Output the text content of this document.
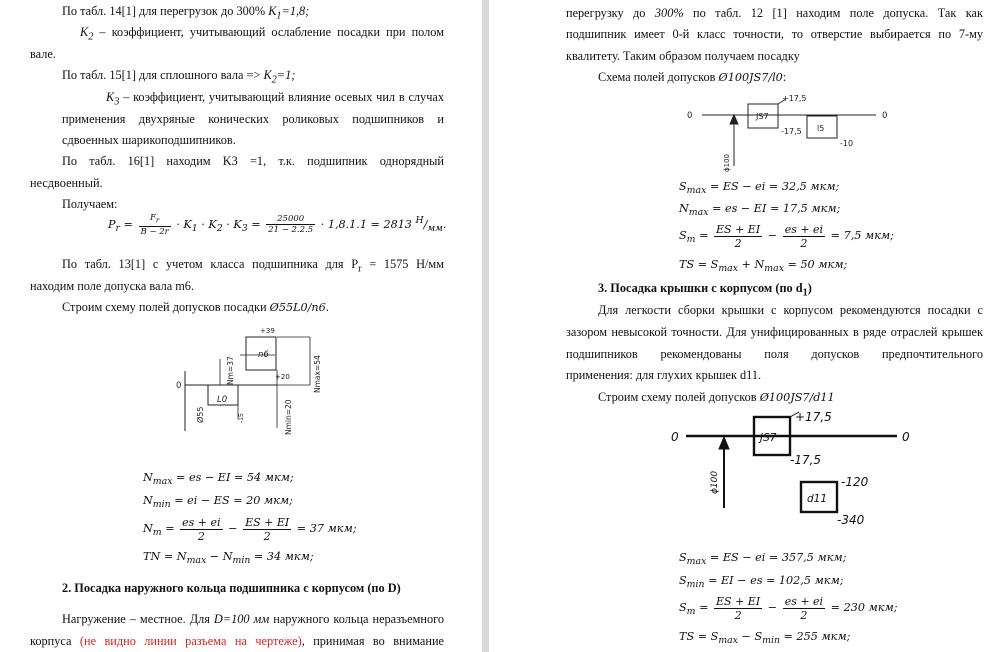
По табл. 14[1] для перегрузок до 300% $K_1=1,8$;
$K_2$ – коэффициент, учитывающий ослабление посадки при полом
вале.
По табл. 15[1] для сплошного вала => $K_2=1$;
$K_3$ – коэффициент, учитывающий влияние осевых чил в случах
применения двухряные конических роликовых подшипников и
сдвоенных шарикоподшипников.
По табл. 16[1] находим K3 =1, т.к. подшипник однорядный
несдвоенный.
Получаем:
$P_r = \frac{F_r}{B - 2r} \cdot K_1 \cdot K_2 \cdot K_3 = \frac{25000}{21 - 2.2.5} \cdot 1,8.1.1 = 2813$ $^Н/_{мм}$.
По табл. 13[1] с учетом класса подшипника для $P_r = 1575$ Н/мм
находим поле допуска вала m6.
Строим схему полей допусков посадки Ø55L0/n6.
n6
L0
+39
+20
0
Ø55
Nm=37	Nmax=54
Nmin=20
-15
$N_{max}$ = es − EI = 54 мкм;
$N_{min}$ = ei − ES = 20 мкм;
$N_m = \frac{es + ei}{2} - \frac{ES + EI}{2} = 37$ мкм;
TN = $N_{max} - N_{min} = 34$ мкм;
2. Посадка наружного кольца подшипника с корпусом (по D)
Нагружение – местное. Для D=100 мм наружного кольца неразъемного
корпуса (не видно линии разъема на чертеже), принимая во внимание
перегрузку до 300% по табл. 12 [1] находим поле допуска. Так как
подшипник имеет 0-й класс точности, то отверстие выбирается по 7-му
квалитету. Таким образом получаем посадку
Схема полей допусков Ø100JS7/l0:
JS7
l5
+17,5
-17,5
-10
0	0
ϕ100
$S_{max}$ = ES − ei = 32,5 мкм;
$N_{max}$ = es − EI = 17,5 мкм;
$S_m = \frac{ES + EI}{2} - \frac{es + ei}{2} = 7,5$ мкм;
TS = $S_{max} + N_{max} = 50$ мкм;
3. Посадка крышки с корпусом (по $d_1$)
Для легкости сборки крышки с корпусом рекомендуются посадки с
зазором невысокой точности. Для унифицированных в ряде отраслей крышек
подшипников рекомендованы поля допусков предпочтительного
применения: для глухих крышек d11.
Строим схему полей допусков Ø100JS7/d11
JS7
d11
+17,5
-17,5
-120
-340
0	0
ϕ100
$S_{max}$ = ES − ei = 357,5 мкм;
$S_{min}$ = EI − es = 102,5 мкм;
$S_m = \frac{ES + EI}{2} - \frac{es + ei}{2} = 230$ мкм;
TS = $S_{max} - S_{min} = 255$ мкм;
